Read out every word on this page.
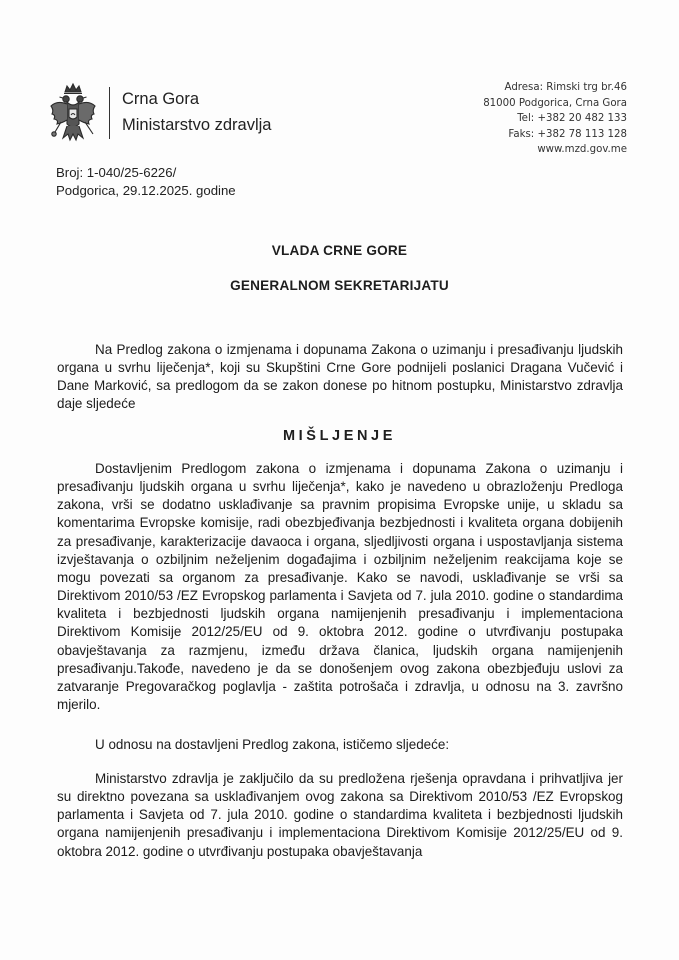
Crna Gora
Ministarstvo zdravlja
Adresa: Rimski trg br.46
81000 Podgorica, Crna Gora
Tel: +382 20 482 133
Faks: +382 78 113 128
www.mzd.gov.me
Broj: 1-040/25-6226/
Podgorica, 29.12.2025. godine
VLADA CRNE GORE
GENERALNOM SEKRETARIJATU
Na Predlog zakona o izmjenama i dopunama Zakona o uzimanju i presađivanju ljudskih organa u svrhu liječenja*, koji su Skupštini Crne Gore podnijeli poslanici Dragana Vučević i Dane Marković, sa predlogom da se zakon donese po hitnom postupku, Ministarstvo zdravlja daje sljedeće
MIŠLJENJE
Dostavljenim Predlogom zakona o izmjenama i dopunama Zakona o uzimanju i presađivanju ljudskih organa u svrhu liječenja*, kako je navedeno u obrazloženju Predloga zakona, vrši se dodatno usklađivanje sa pravnim propisima Evropske unije, u skladu sa komentarima Evropske komisije, radi obezbjeđivanja bezbjednosti i kvaliteta organa dobijenih za presađivanje, karakterizacije davaoca i organa, sljedljivosti organa i uspostavljanja sistema izvještavanja o ozbiljnim neželjenim događajima i ozbiljnim neželjenim reakcijama koje se mogu povezati sa organom za presađivanje. Kako se navodi, usklađivanje se vrši sa Direktivom 2010/53 /EZ Evropskog parlamenta i Savjeta od 7. jula 2010. godine o standardima kvaliteta i bezbjednosti ljudskih organa namijenjenih presađivanju i implementaciona Direktivom Komisije 2012/25/EU od 9. oktobra 2012. godine o utvrđivanju postupaka obavještavanja za razmjenu, između država članica, ljudskih organa namijenjenih presađivanju.Takođe, navedeno je da se donošenjem ovog zakona obezbjeđuju uslovi za zatvaranje Pregovaračkog poglavlja - zaštita potrošača i zdravlja, u odnosu na 3. završno mjerilo.
U odnosu na dostavljeni Predlog zakona, ističemo sljedeće:
Ministarstvo zdravlja je zaključilo da su predložena rješenja opravdana i prihvatljiva jer su direktno povezana sa usklađivanjem ovog zakona sa Direktivom 2010/53 /EZ Evropskog parlamenta i Savjeta od 7. jula 2010. godine o standardima kvaliteta i bezbjednosti ljudskih organa namijenjenih presađivanju i implementaciona Direktivom Komisije 2012/25/EU od 9. oktobra 2012. godine o utvrđivanju postupaka obavještavanja
